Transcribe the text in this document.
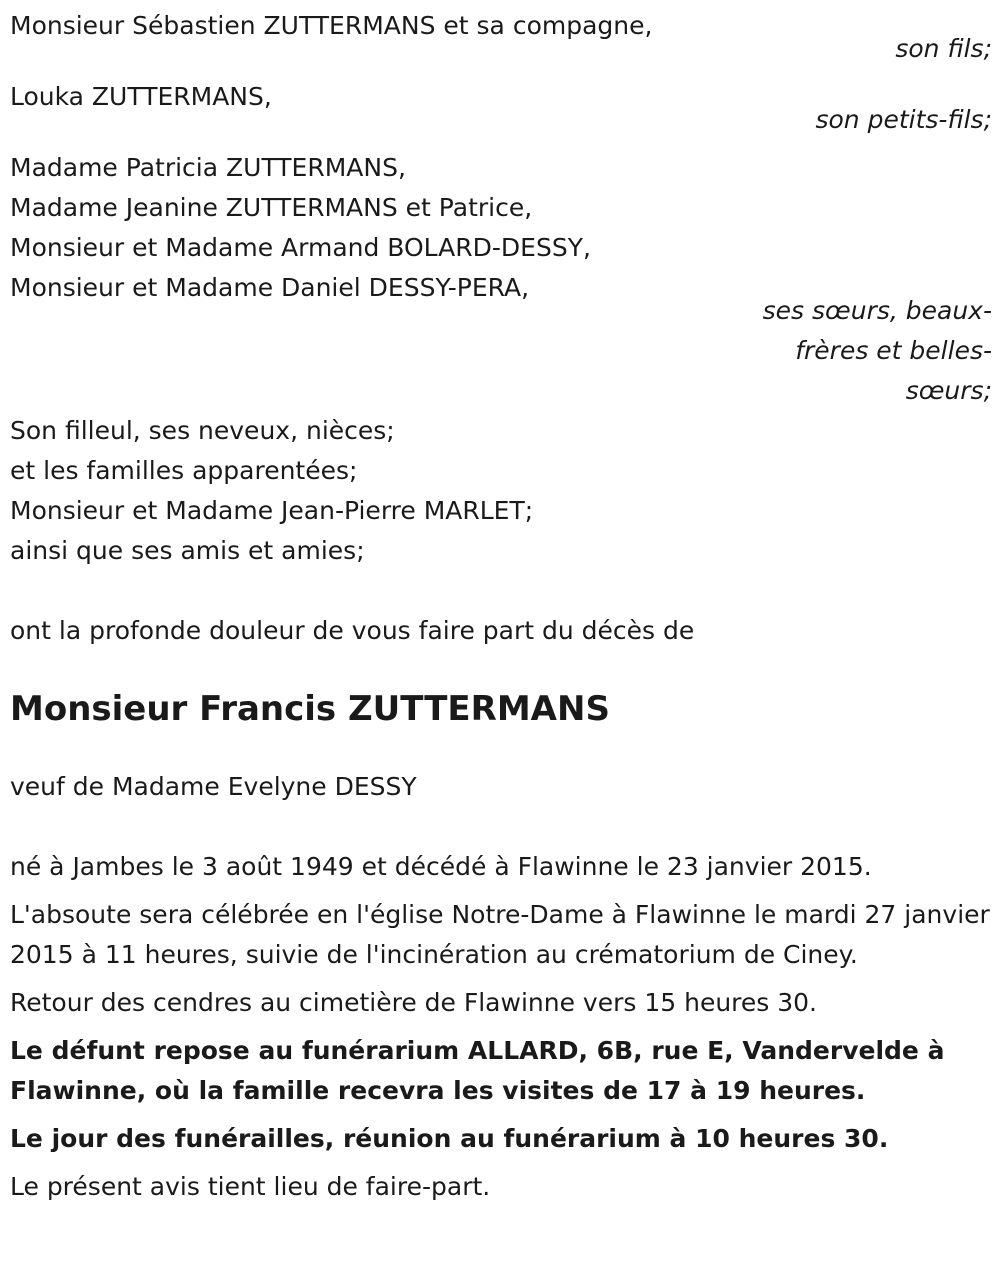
Monsieur Sébastien ZUTTERMANS et sa compagne,
son fils;
Louka ZUTTERMANS,
son petits-fils;
Madame Patricia ZUTTERMANS,
Madame Jeanine ZUTTERMANS et Patrice,
Monsieur et Madame Armand BOLARD-DESSY,
Monsieur et Madame Daniel DESSY-PERA,
ses sœurs, beaux-frères et belles-sœurs;
Son filleul, ses neveux, nièces;
et les familles apparentées;
Monsieur et Madame Jean-Pierre MARLET;
ainsi que ses amis et amies;
ont la profonde douleur de vous faire part du décès de
Monsieur Francis ZUTTERMANS
veuf de Madame Evelyne DESSY
né à Jambes le 3 août 1949 et décédé à Flawinne le 23 janvier 2015.
L'absoute sera célébrée en l'église Notre-Dame à Flawinne le mardi 27 janvier 2015 à 11 heures, suivie de l'incinération au crématorium de Ciney.
Retour des cendres au cimetière de Flawinne vers 15 heures 30.
Le défunt repose au funérarium ALLARD, 6B, rue E, Vandervelde à Flawinne, où la famille recevra les visites de 17 à 19 heures.
Le jour des funérailles, réunion au funérarium à 10 heures 30.
Le présent avis tient lieu de faire-part.
